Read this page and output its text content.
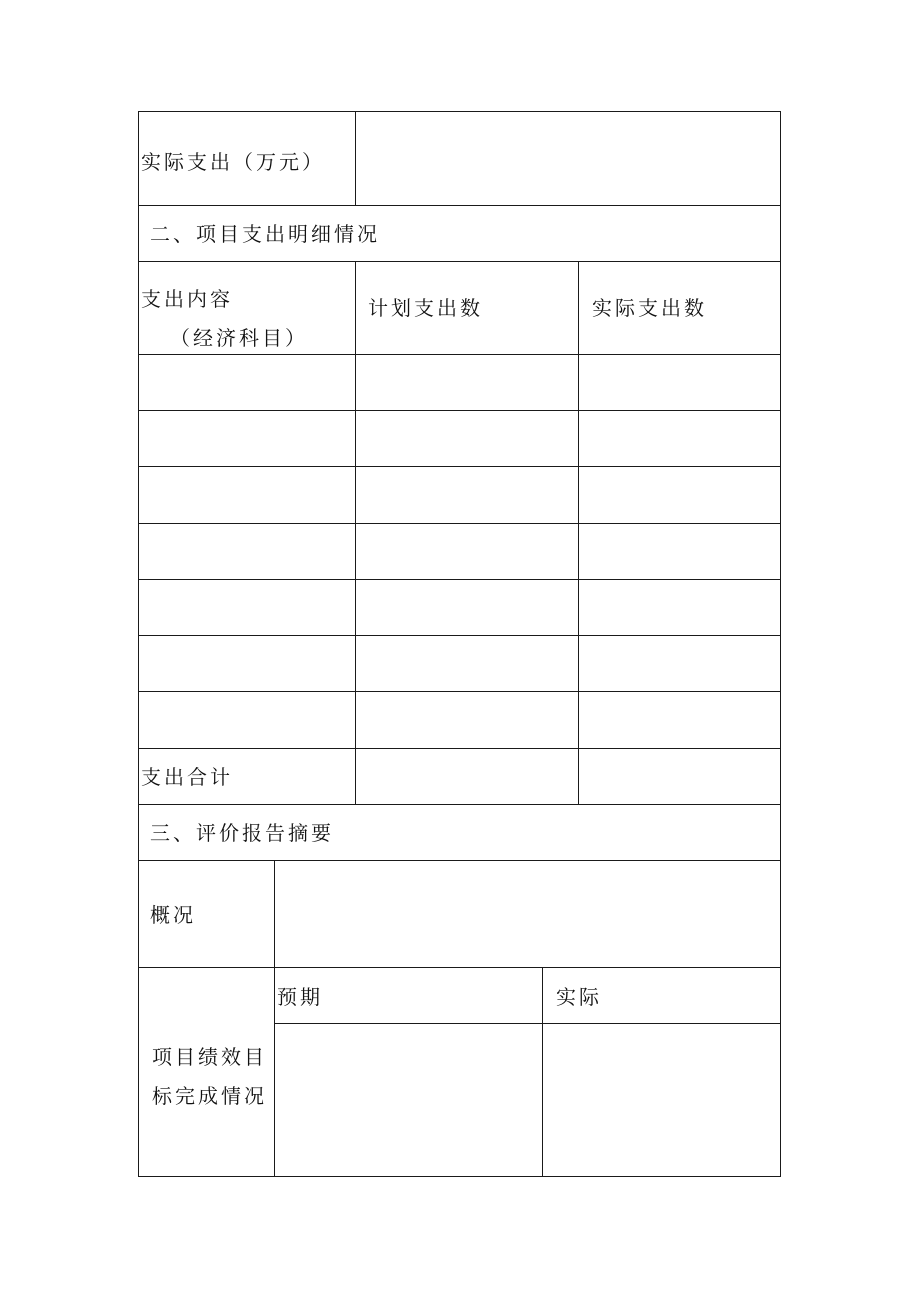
实际支出（万元）
二、项目支出明细情况
支出内容
（经济科目）
计划支出数	实际支出数
支出合计
三、评价报告摘要
概况
预期	实际
项目绩效目
标完成情况
